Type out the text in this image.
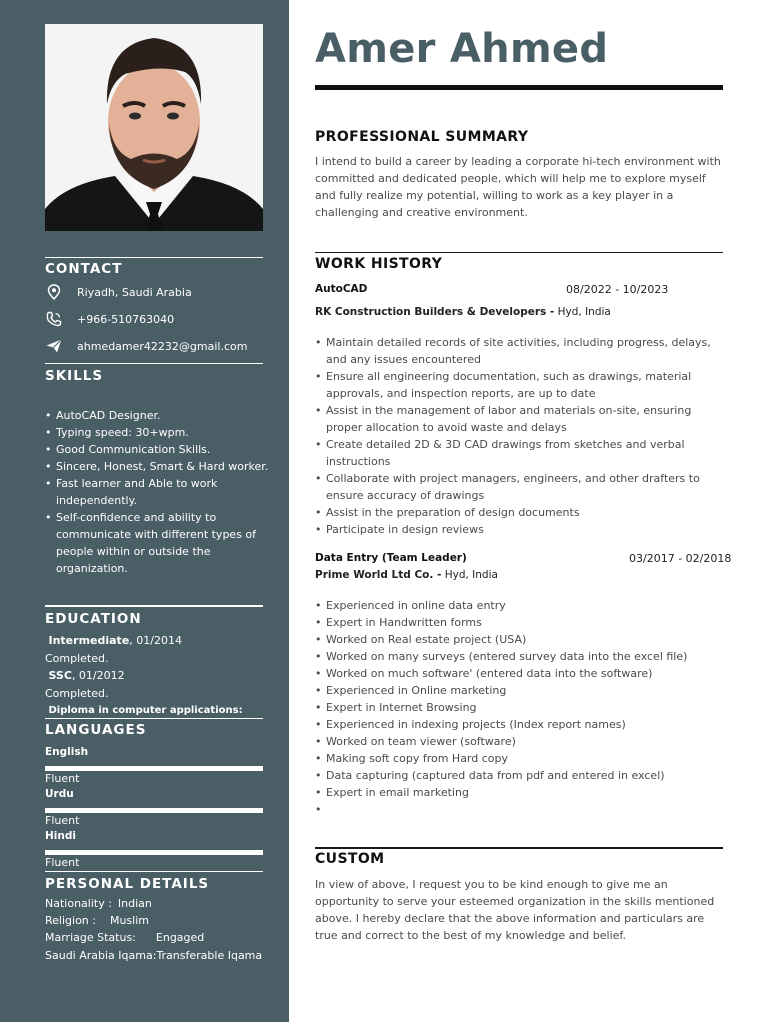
CONTACT
Riyadh, Saudi Arabia
+966-510763040
ahmedamer42232@gmail.com
SKILLS
• AutoCAD Designer.
• Typing speed: 30+wpm.
• Good Communication Skills.
• Sincere, Honest, Smart & Hard worker.
• Fast learner and Able to work independently.
• Self-confidence and ability to communicate with different types of people within or outside the organization.
EDUCATION
Intermediate, 01/2014
Completed.
SSC, 01/2012
Completed.
Diploma in computer applications:
LANGUAGES
English
Fluent
Urdu
Fluent
Hindi
Fluent
PERSONAL DETAILS
Nationality : Indian
Religion : Muslim
Marriage Status: Engaged
Saudi Arabia Iqama: Transferable Iqama
Amer Ahmed
PROFESSIONAL SUMMARY
I intend to build a career by leading a corporate hi-tech environment with committed and dedicated people, which will help me to explore myself and fully realize my potential, willing to work as a key player in a challenging and creative environment.
WORK HISTORY
AutoCAD	08/2022 - 10/2023
RK Construction Builders & Developers - Hyd, India
• Maintain detailed records of site activities, including progress, delays, and any issues encountered
• Ensure all engineering documentation, such as drawings, material approvals, and inspection reports, are up to date
• Assist in the management of labor and materials on-site, ensuring proper allocation to avoid waste and delays
• Create detailed 2D & 3D CAD drawings from sketches and verbal instructions
• Collaborate with project managers, engineers, and other drafters to ensure accuracy of drawings
• Assist in the preparation of design documents
• Participate in design reviews
Data Entry (Team Leader)	03/2017 - 02/2018
Prime World Ltd Co. - Hyd, India
• Experienced in online data entry
• Expert in Handwritten forms
• Worked on Real estate project (USA)
• Worked on many surveys (entered survey data into the excel file)
• Worked on much software' (entered data into the software)
• Experienced in Online marketing
• Expert in Internet Browsing
• Experienced in indexing projects (Index report names)
• Worked on team viewer (software)
• Making soft copy from Hard copy
• Data capturing (captured data from pdf and entered in excel)
• Expert in email marketing
•
CUSTOM
In view of above, I request you to be kind enough to give me an opportunity to serve your esteemed organization in the skills mentioned above. I hereby declare that the above information and particulars are true and correct to the best of my knowledge and belief.
